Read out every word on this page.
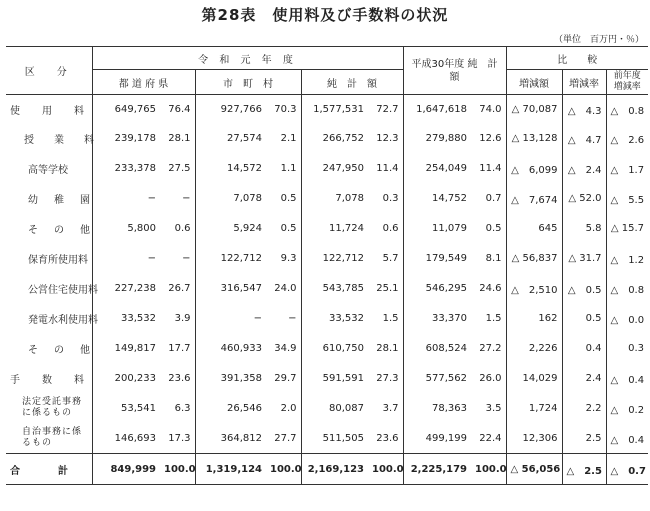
第28表　使用料及び手数料の状況
（単位　百万円・％）
区　分	令 和 元 年 度						平成30年度 純　計　額		比　　較		
	都 道 府 県		市　町　村		純　計　額				増減額	増減率	前年度 増減率
使　用　料	649,765	76.4	927,766	70.3	1,577,531	72.7	1,647,618	74.0	△ 70,087	△　4.3	△　0.8
授　業　料	239,178	28.1	27,574	2.1	266,752	12.3	279,880	12.6	△ 13,128	△　4.7	△　2.6
高等学校	233,378	27.5	14,572	1.1	247,950	11.4	254,049	11.4	△　6,099	△　2.4	△　1.7
幼　稚　園	−	−	7,078	0.5	7,078	0.3	14,752	0.7	△　7,674	△ 52.0	△　5.5
そ　の　他	5,800	0.6	5,924	0.5	11,724	0.6	11,079	0.5	645	5.8	△ 15.7
保育所使用料	−	−	122,712	9.3	122,712	5.7	179,549	8.1	△ 56,837	△ 31.7	△　1.2
公営住宅使用料	227,238	26.7	316,547	24.0	543,785	25.1	546,295	24.6	△　2,510	△　0.5	△　0.8
発電水利使用料	33,532	3.9	−	−	33,532	1.5	33,370	1.5	162	0.5	△　0.0
そ　の　他	149,817	17.7	460,933	34.9	610,750	28.1	608,524	27.2	2,226	0.4	0.3
手　数　料	200,233	23.6	391,358	29.7	591,591	27.3	577,562	26.0	14,029	2.4	△　0.4
法定受託事務に係るもの	53,541	6.3	26,546	2.0	80,087	3.7	78,363	3.5	1,724	2.2	△　0.2
自治事務に係るもの	146,693	17.3	364,812	27.7	511,505	23.6	499,199	22.4	12,306	2.5	△　0.4
合　　計	849,999	100.0	1,319,124	100.0	2,169,123	100.0	2,225,179	100.0	△ 56,056	△　2.5	△　0.7
